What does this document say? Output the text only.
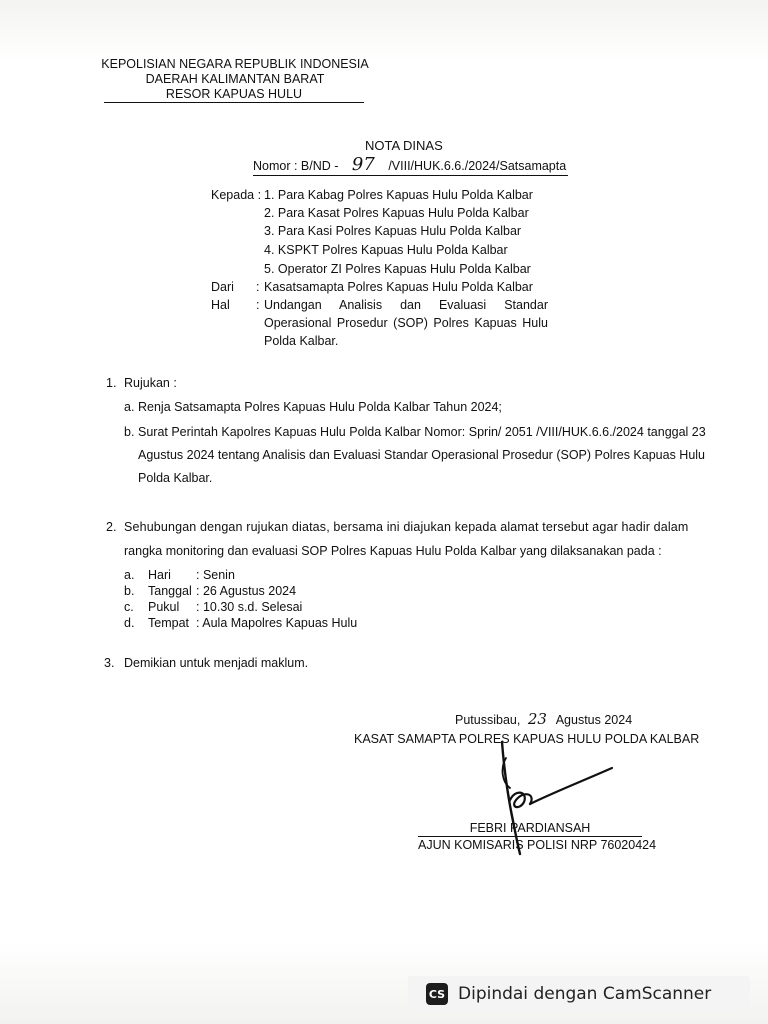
KEPOLISIAN NEGARA REPUBLIK INDONESIA
DAERAH KALIMANTAN BARAT
RESOR KAPUAS HULU
NOTA DINAS
Nomor : B/ND - 97 /VIII/HUK.6.6./2024/Satsamapta
Kepada : 1. Para Kabag Polres Kapuas Hulu Polda Kalbar
2. Para Kasat Polres Kapuas Hulu Polda Kalbar
3. Para Kasi Polres Kapuas Hulu Polda Kalbar
4. KSPKT Polres Kapuas Hulu Polda Kalbar
5. Operator ZI Polres Kapuas Hulu Polda Kalbar
Dari : Kasatsamapta Polres Kapuas Hulu Polda Kalbar
Hal : Undangan Analisis dan Evaluasi Standar Operasional Prosedur (SOP) Polres Kapuas Hulu Polda Kalbar.
1. Rujukan :
a. Renja Satsamapta Polres Kapuas Hulu Polda Kalbar Tahun 2024;
b. Surat Perintah Kapolres Kapuas Hulu Polda Kalbar Nomor: Sprin/ 2051 /VIII/HUK.6.6./2024 tanggal 23
Agustus 2024 tentang Analisis dan Evaluasi Standar Operasional Prosedur (SOP) Polres Kapuas Hulu
Polda Kalbar.
2. Sehubungan dengan rujukan diatas, bersama ini diajukan kepada alamat tersebut agar hadir dalam
rangka monitoring dan evaluasi SOP Polres Kapuas Hulu Polda Kalbar yang dilaksanakan pada :
a. Hari : Senin
b. Tanggal : 26 Agustus 2024
c. Pukul : 10.30 s.d. Selesai
d. Tempat : Aula Mapolres Kapuas Hulu
3. Demikian untuk menjadi maklum.
Putussibau, 23 Agustus 2024
KASAT SAMAPTA POLRES KAPUAS HULU POLDA KALBAR
FEBRI PARDIANSAH
AJUN KOMISARIS POLISI NRP 76020424
CS Dipindai dengan CamScanner
